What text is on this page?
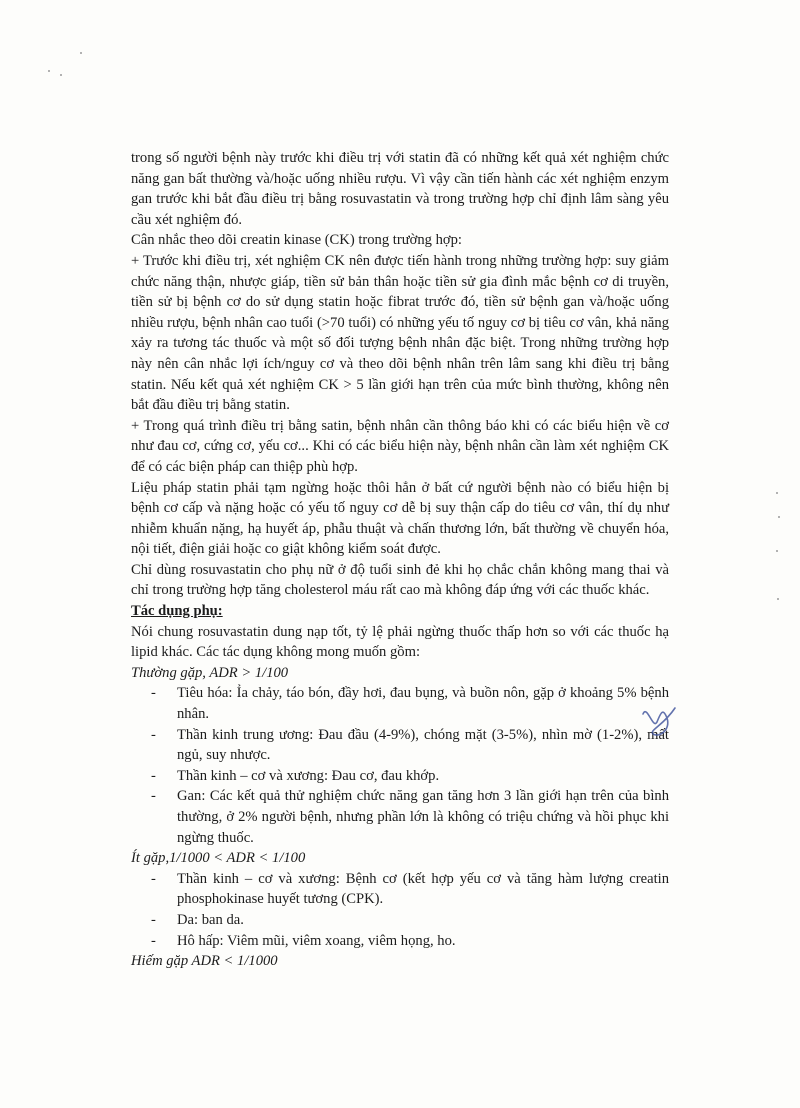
trong số người bệnh này trước khi điều trị với statin đã có những kết quả xét nghiệm chức năng gan bất thường và/hoặc uống nhiều rượu. Vì vậy cần tiến hành các xét nghiệm enzym gan trước khi bắt đầu điều trị bằng rosuvastatin và trong trường hợp chỉ định lâm sàng yêu cầu xét nghiệm đó.

Cân nhắc theo dõi creatin kinase (CK) trong trường hợp:

+ Trước khi điều trị, xét nghiệm CK nên được tiến hành trong những trường hợp: suy giảm chức năng thận, nhược giáp, tiền sử bản thân hoặc tiền sử gia đình mắc bệnh cơ di truyền, tiền sử bị bệnh cơ do sử dụng statin hoặc fibrat trước đó, tiền sử bệnh gan và/hoặc uống nhiều rượu, bệnh nhân cao tuổi (>70 tuổi) có những yếu tố nguy cơ bị tiêu cơ vân, khả năng xảy ra tương tác thuốc và một số đối tượng bệnh nhân đặc biệt. Trong những trường hợp này nên cân nhắc lợi ích/nguy cơ và theo dõi bệnh nhân trên lâm sang khi điều trị bằng statin. Nếu kết quả xét nghiệm CK > 5 lần giới hạn trên của mức bình thường, không nên bắt đầu điều trị bằng statin.

+ Trong quá trình điều trị bằng satin, bệnh nhân cần thông báo khi có các biểu hiện về cơ như đau cơ, cứng cơ, yếu cơ... Khi có các biểu hiện này, bệnh nhân cần làm xét nghiệm CK để có các biện pháp can thiệp phù hợp.

Liệu pháp statin phải tạm ngừng hoặc thôi hẳn ở bất cứ người bệnh nào có biểu hiện bị bệnh cơ cấp và nặng hoặc có yếu tố nguy cơ dễ bị suy thận cấp do tiêu cơ vân, thí dụ như nhiễm khuẩn nặng, hạ huyết áp, phẫu thuật và chấn thương lớn, bất thường về chuyển hóa, nội tiết, điện giải hoặc co giật không kiểm soát được.

Chỉ dùng rosuvastatin cho phụ nữ ở độ tuổi sinh đẻ khi họ chắc chắn không mang thai và chỉ trong trường hợp tăng cholesterol máu rất cao mà không đáp ứng với các thuốc khác.

Tác dụng phụ:

Nói chung rosuvastatin dung nạp tốt, tỷ lệ phải ngừng thuốc thấp hơn so với các thuốc hạ lipid khác. Các tác dụng không mong muốn gồm:

Thường gặp, ADR > 1/100

- Tiêu hóa: Ỉa chảy, táo bón, đầy hơi, đau bụng, và buồn nôn, gặp ở khoảng 5% bệnh nhân.
- Thần kinh trung ương: Đau đầu (4-9%), chóng mặt (3-5%), nhìn mờ (1-2%), mất ngủ, suy nhược.
- Thần kinh – cơ và xương: Đau cơ, đau khớp.
- Gan: Các kết quả thử nghiệm chức năng gan tăng hơn 3 lần giới hạn trên của bình thường, ở 2% người bệnh, nhưng phần lớn là không có triệu chứng và hồi phục khi ngừng thuốc.

Ít gặp,1/1000 < ADR < 1/100

- Thần kinh – cơ và xương: Bệnh cơ (kết hợp yếu cơ và tăng hàm lượng creatin phosphokinase huyết tương (CPK).
- Da: ban da.
- Hô hấp: Viêm mũi, viêm xoang, viêm họng, ho.

Hiếm gặp ADR < 1/1000
